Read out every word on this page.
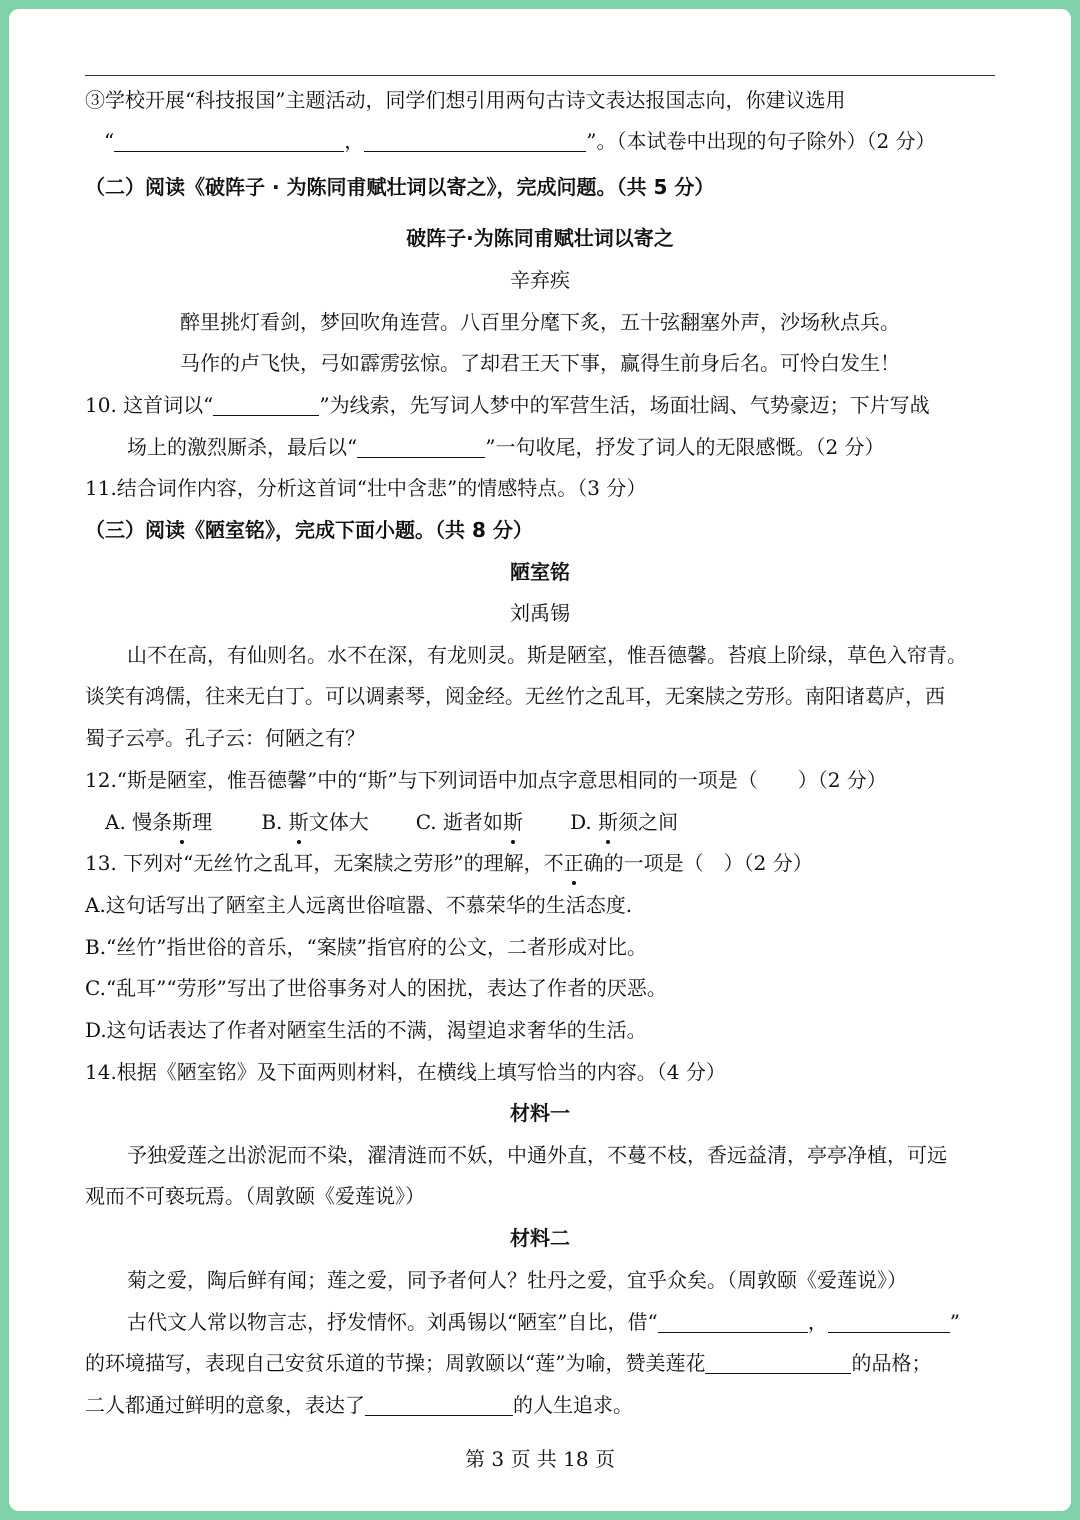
③学校开展“科技报国”主题活动，同学们想引用两句古诗文表达报国志向，你建议选用
“	，	”。（本试卷中出现的句子除外）（2 分）
（二）阅读《破阵子 · 为陈同甫赋壮词以寄之》，完成问题。（共 5 分）
破阵子·为陈同甫赋壮词以寄之
辛弃疾
醉里挑灯看剑，梦回吹角连营。八百里分麾下炙，五十弦翻塞外声，沙场秋点兵。
马作的卢飞快，弓如霹雳弦惊。了却君王天下事，赢得生前身后名。可怜白发生！
10. 这首词以“	”为线索，先写词人梦中的军营生活，场面壮阔、气势豪迈；下片写战
场上的激烈厮杀，最后以“	”一句收尾，抒发了词人的无限感慨。（2 分）
11.结合词作内容，分析这首词“壮中含悲”的情感特点。（3 分）
（三）阅读《陋室铭》，完成下面小题。（共 8 分）
陋室铭
刘禹锡
山不在高，有仙则名。水不在深，有龙则灵。斯是陋室，惟吾德馨。苔痕上阶绿，草色入帘青。
谈笑有鸿儒，往来无白丁。可以调素琴，阅金经。无丝竹之乱耳，无案牍之劳形。南阳诸葛庐，西
蜀子云亭。孔子云：何陋之有？
12.“斯是陋室，惟吾德馨”中的“斯”与下列词语中加点字意思相同的一项是（　　）（2 分）
A. 慢条斯理 B. 斯文体大 C. 逝者如斯 D. 斯须之间
13. 下列对“无丝竹之乱耳，无案牍之劳形”的理解，不正确的一项是（　）（2 分）
A.这句话写出了陋室主人远离世俗喧嚣、不慕荣华的生活态度.
B.“丝竹”指世俗的音乐，“案牍”指官府的公文，二者形成对比。
C.“乱耳”“劳形”写出了世俗事务对人的困扰，表达了作者的厌恶。
D.这句话表达了作者对陋室生活的不满，渴望追求奢华的生活。
14.根据《陋室铭》及下面两则材料，在横线上填写恰当的内容。（4 分）
材料一
予独爱莲之出淤泥而不染，濯清涟而不妖，中通外直，不蔓不枝，香远益清，亭亭净植，可远
观而不可亵玩焉。（周敦颐《爱莲说》）
材料二
菊之爱，陶后鲜有闻；莲之爱，同予者何人？牡丹之爱，宜乎众矣。（周敦颐《爱莲说》）
古代文人常以物言志，抒发情怀。刘禹锡以“陋室”自比，借“	，	”
的环境描写，表现自己安贫乐道的节操；周敦颐以“莲”为喻，赞美莲花	的品格；
二人都通过鲜明的意象，表达了	的人生追求。
第 3 页 共 18 页
